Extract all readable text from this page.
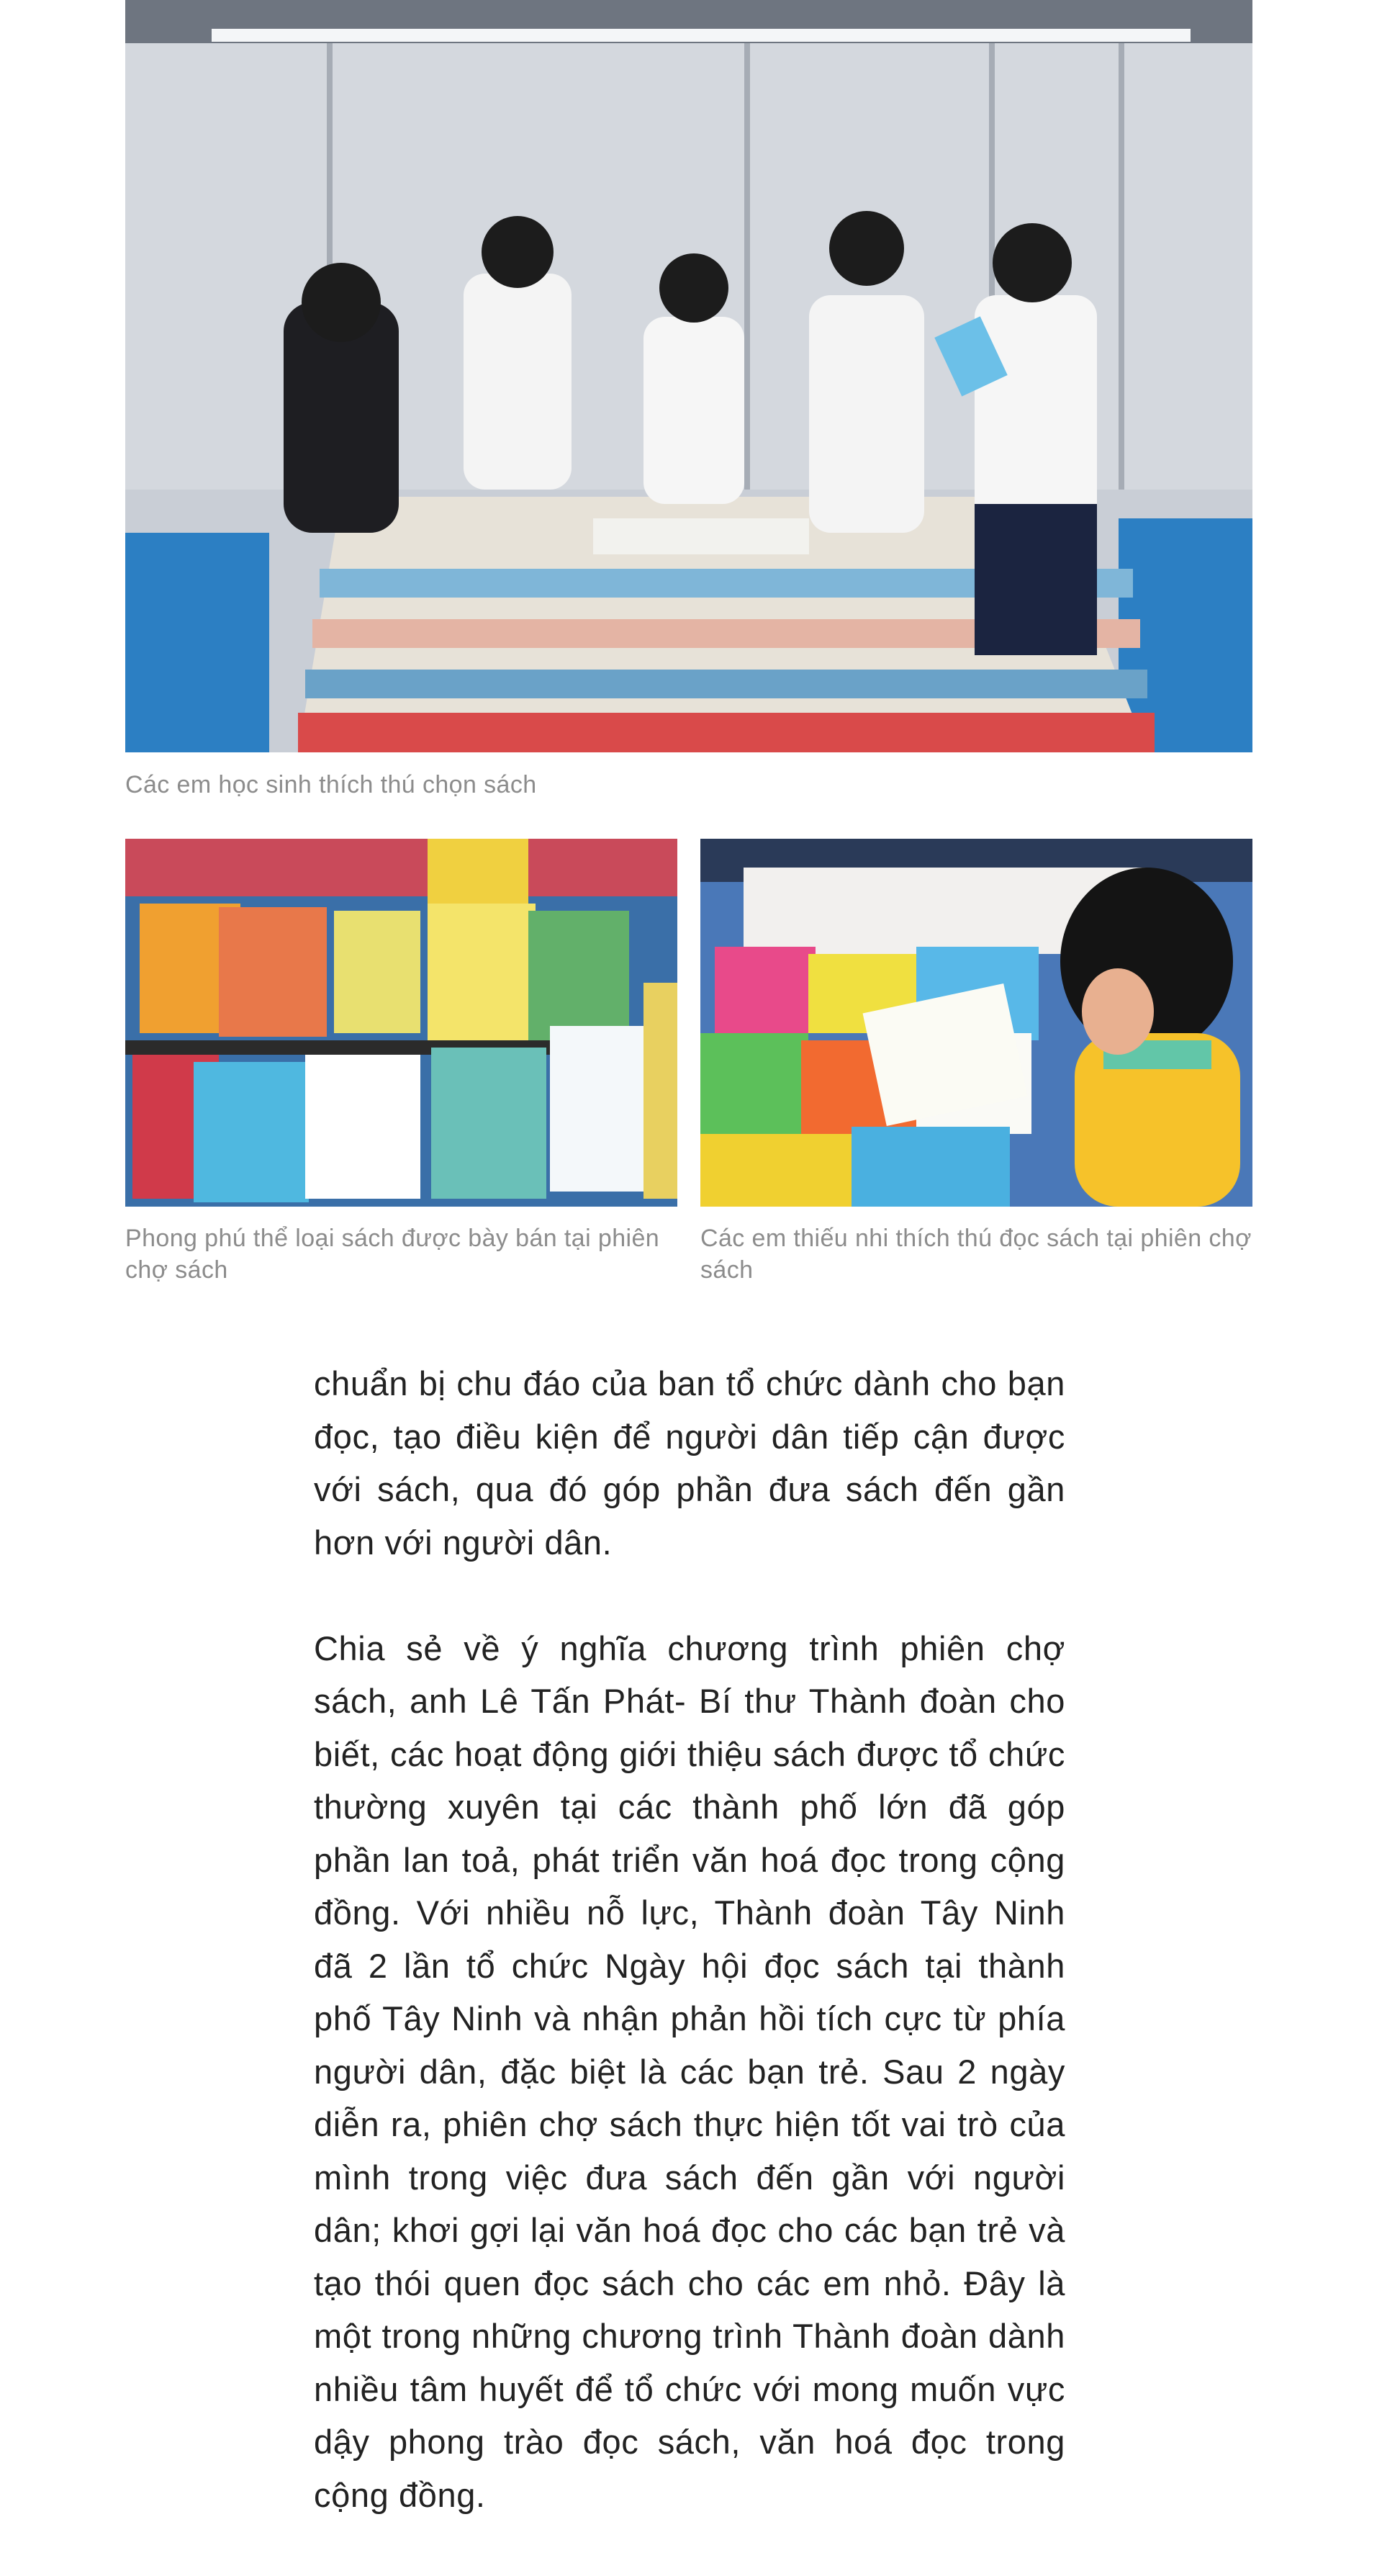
Các em học sinh thích thú chọn sách
Phong phú thể loại sách được bày bán tại phiên chợ sách
Các em thiếu nhi thích thú đọc sách tại phiên chợ sách

chuẩn bị chu đáo của ban tổ chức dành cho bạn đọc, tạo điều kiện để người dân tiếp cận được với sách, qua đó góp phần đưa sách đến gần hơn với người dân.

Chia sẻ về ý nghĩa chương trình phiên chợ sách, anh Lê Tấn Phát- Bí thư Thành đoàn cho biết, các hoạt động giới thiệu sách được tổ chức thường xuyên tại các thành phố lớn đã góp phần lan toả, phát triển văn hoá đọc trong cộng đồng. Với nhiều nỗ lực, Thành đoàn Tây Ninh đã 2 lần tổ chức Ngày hội đọc sách tại thành phố Tây Ninh và nhận phản hồi tích cực từ phía người dân, đặc biệt là các bạn trẻ. Sau 2 ngày diễn ra, phiên chợ sách thực hiện tốt vai trò của mình trong việc đưa sách đến gần với người dân; khơi gợi lại văn hoá đọc cho các bạn trẻ và tạo thói quen đọc sách cho các em nhỏ. Đây là một trong những chương trình Thành đoàn dành nhiều tâm huyết để tổ chức với mong muốn vực dậy phong trào đọc sách, văn hoá đọc trong cộng đồng.
